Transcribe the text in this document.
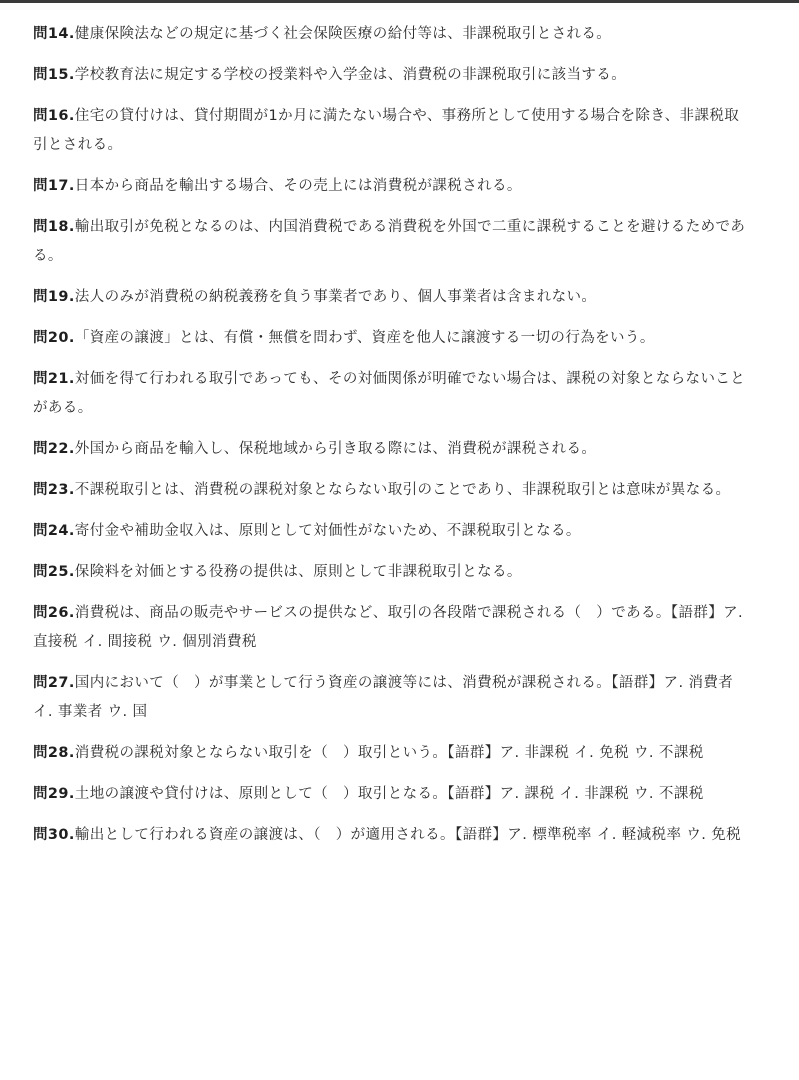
問14.健康保険法などの規定に基づく社会保険医療の給付等は、非課税取引とされる。

問15.学校教育法に規定する学校の授業料や入学金は、消費税の非課税取引に該当する。

問16.住宅の貸付けは、貸付期間が1か月に満たない場合や、事務所として使用する場合を除き、非課税取引とされる。

問17.日本から商品を輸出する場合、その売上には消費税が課税される。

問18.輸出取引が免税となるのは、内国消費税である消費税を外国で二重に課税することを避けるためである。

問19.法人のみが消費税の納税義務を負う事業者であり、個人事業者は含まれない。

問20.「資産の譲渡」とは、有償・無償を問わず、資産を他人に譲渡する一切の行為をいう。

問21.対価を得て行われる取引であっても、その対価関係が明確でない場合は、課税の対象とならないことがある。

問22.外国から商品を輸入し、保税地域から引き取る際には、消費税が課税される。

問23.不課税取引とは、消費税の課税対象とならない取引のことであり、非課税取引とは意味が異なる。

問24.寄付金や補助金収入は、原則として対価性がないため、不課税取引となる。

問25.保険料を対価とする役務の提供は、原則として非課税取引となる。

問26.消費税は、商品の販売やサービスの提供など、取引の各段階で課税される（　）である。【語群】ア. 直接税 イ. 間接税 ウ. 個別消費税

問27.国内において（　）が事業として行う資産の譲渡等には、消費税が課税される。【語群】ア. 消費者 イ. 事業者 ウ. 国

問28.消費税の課税対象とならない取引を（　）取引という。【語群】ア. 非課税 イ. 免税 ウ. 不課税

問29.土地の譲渡や貸付けは、原則として（　）取引となる。【語群】ア. 課税 イ. 非課税 ウ. 不課税

問30.輸出として行われる資産の譲渡は、（　）が適用される。【語群】ア. 標準税率 イ. 軽減税率 ウ. 免税
